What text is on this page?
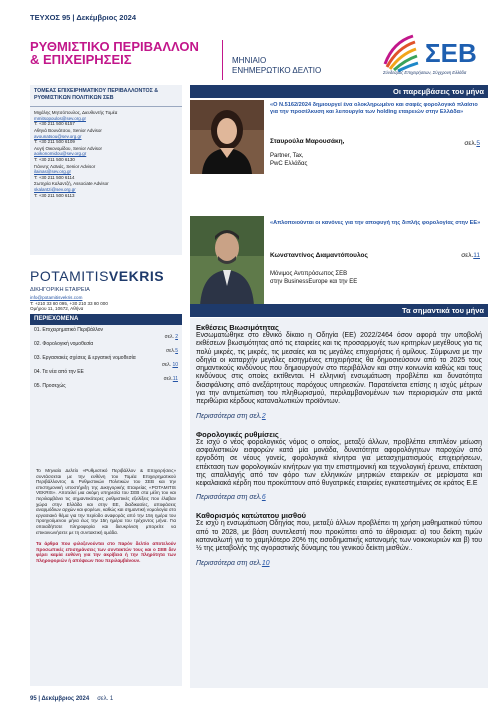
ΤΕΥΧΟΣ 95 | Δεκέμβριος 2024
ΡΥΘΜΙΣΤΙΚΟ ΠΕΡΙΒΑΛΛΟΝ
& ΕΠΙΧΕΙΡΗΣΕΙΣ	ΜΗΝΙΑΙΟ
ΕΝΗΜΕΡΩΤΙΚΟ ΔΕΛΤΙΟ
ΣΕΒ
Σύνδεσμος Επιχειρήσεων, Σύγχρονη Ελλάδα
ΤΟΜΕΑΣ ΕΠΙΧΕΙΡΗΜΑΤΙΚΟΥ ΠΕΡΙΒΑΛΛΟΝΤΟΣ & ΡΥΘΜΙΣΤΙΚΩΝ ΠΟΛΙΤΙΚΩΝ ΣΕΒ
Μιχάλης Μητσόπουλος, Διευθυντής Τομέα
mmitsopoulos@sev.org.gr
Τ: +30 211 500 6157
Αθηνά Βουνάτσου, Senior Advisor
avounatsou@sev.org.gr
Τ: +30 211 500 6109
Αυγή Οικονομίδου, Senior Advisor
aoikonomidou@sev.org.gr
Τ: +30 211 500 6130
Γιάννης Λαϊνάς, Senior Advisor
ilainas@sev.org.gr
Τ: +30 211 500 6114
Σωτηρία Καλαντζή, Associate Advisor
skalantzi@sev.org.gr
Τ: +30 211 500 6113
POTAMITISVEKRIS
ΔΙΚΗΓΟΡΙΚΗ ΕΤΑΙΡΕΙΑ
info@potamitisvekris.com
Τ: +210 33 80 095, +30 210 33 80 000
Ομήρου 11, 10672, Αθήνα
ΠΕΡΙΕΧΟΜΕΝΑ
01. Επιχειρηματικό Περιβάλλον
σελ. 2
02. Φορολογική νομοθεσία
σελ.5
03. Εργασιακές σχέσεις & εργατική νομοθεσία
σελ. 10
04. Τα νέα από την ΕΕ
σελ.11
05. Προσεχώς

Το Μηνιαίο Δελτίο «Ρυθμιστικό Περιβάλλον & Επιχειρήσεις» συντάσσεται με την ευθύνη του Τομέα Επιχειρηματικού Περιβάλλοντος & Ρυθμιστικών Πολιτικών του ΣΕΒ και την επιστημονική υποστήριξη της Δικηγορικής Εταιρείας «POTAMITIS VEKRIS». Αποτελεί μια ακόμη υπηρεσία του ΣΕΒ στα μέλη του και περιλαμβάνει τις σημαντικότερες ρυθμιστικές εξελίξεις που έλαβαν χώρα στην Ελλάδα και στην ΕΕ, διαδικασίες, αποφάσεις αναρμόδιων αρχών και φορέων, καθώς και σημαντική νομολογία στο εργασιακό θέμα για την περίοδο αναφοράς από την 15η ημέρα του προηγούμενου μήνα έως την 15η ημέρα του τρέχοντος μήνα. Για οποιαδήποτε πληροφορία και διευκρίνιση μπορείτε να επικοινωνήσετε με τη συντακτική ομάδα.

Τα άρθρα που φιλοξενούνται στο παρόν δελτίο αποτελούν προσωπικές επισημάνσεις των συντακτών τους και ο ΣΕΒ δεν φέρει καμία ευθύνη για την ακρίβεια ή την πληρότητα των πληροφοριών ή απόψεων που περιλαμβάνουν.

95 | Δεκέμβριος 2024 σελ. 1
Οι παρεμβάσεις του μήνα
«Ο Ν.5162/2024 δημιουργεί ένα ολοκληρωμένο και σαφές φορολογικό πλαίσιο για την προσέλκυση και λειτουργία των holding εταιρειών στην Ελλάδα»
Σταυρούλα Μαρουσάκη,
Partner, Tax,
PwC Ελλάδας
σελ.5
«Απλοποιούνται οι κανόνες για την αποφυγή της διπλής φορολογίας στην ΕΕ»
Κωνσταντίνος Διαμαντόπουλος
Μόνιμος Αντιπρόσωπος ΣΕΒ
στην BusinessEurope και την ΕΕ
σελ.11
Τα σημαντικά του μήνα
Εκθέσεις Βιωσιμότητας
Ενσωματώθηκε στο εθνικό δίκαιο η Οδηγία (ΕΕ) 2022/2464 όσον αφορά την υποβολή εκθέσεων βιωσιμότητας από τις εταιρείες και τις προσαρμογές των κριτηρίων μεγέθους για τις πολύ μικρές, τις μικρές, τις μεσαίες και τις μεγάλες επιχειρήσεις ή ομίλους. Σύμφωνα με την οδηγία οι καταρχήν μεγάλες εισηγμένες επιχειρήσεις θα δημοσιεύσουν από το 2025 τους σημαντικούς κινδύνους που δημιουργούν στο περιβάλλον και στην κοινωνία καθώς και τους κινδύνους στις οποίες εκτίθενται. Η ελληνική ενσωμάτωση προβλέπει και δυνατότητα διασφάλισης από ανεξάρτητους παρόχους υπηρεσιών. Παρατείνεται επίσης η ισχύς μέτρων για την αντιμετώπιση του πληθωρισμού, περιλαμβανομένων των περιορισμών στα μικτά περιθώρια κέρδους καταναλωτικών προϊόντων.
Περισσότερα στη σελ.2
Φορολογικές ρυθμίσεις
Σε ισχύ ο νέος φορολογικός νόμος ο οποίος, μεταξύ άλλων, προβλέπει επιπλέον μείωση ασφαλιστικών εισφορών κατά μία μονάδα, δυνατότητα αφορολόγητων παροχών από εργοδότη σε νέους γονείς, φορολογικά κίνητρα για μετασχηματισμούς επιχειρήσεων, επέκταση των φορολογικών κινήτρων για την επιστημονική και τεχνολογική έρευνα, επέκταση της απαλλαγής από τον φόρο των ελληνικών μητρικών εταιρειών σε μερίσματα και κεφαλαιακά κέρδη που προκύπτουν από θυγατρικές εταιρείες εγκατεστημένες σε κράτος Ε.Ε
Περισσότερα στη σελ.6
Καθορισμός κατώτατου μισθού
Σε ισχύ η ενσωμάτωση Οδηγίας που, μεταξύ άλλων προβλέπει τη χρήση μαθηματικού τύπου από το 2028, με βάση συντελεστή που προκύπτει από το άθροισμα: α) του δείκτη τιμών καταναλωτή για το χαμηλότερο 20% της εισοδηματικής κατανομής των νοικοκυριών και β) του ½ της μεταβολής της αγοραστικής δύναμης του γενικού δείκτη μισθών..
Περισσότερα στη σελ.10
